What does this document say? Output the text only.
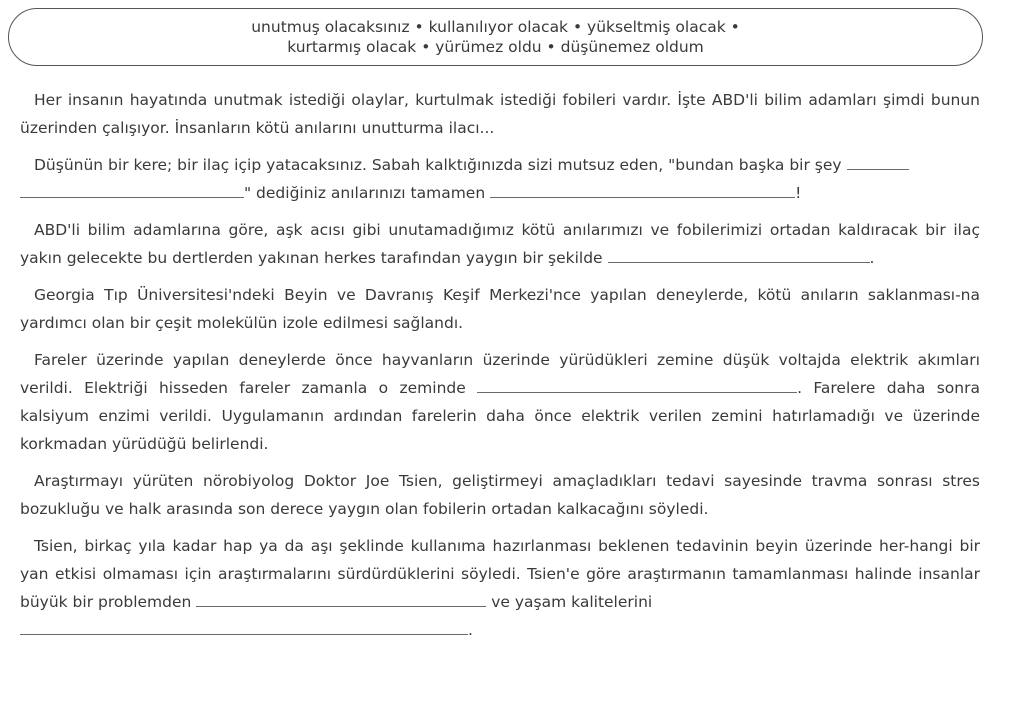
unutmuş olacaksınız • kullanılıyor olacak • yükseltmiş olacak •
kurtarmış olacak • yürümez oldu • düşünemez oldum

Her insanın hayatında unutmak istediği olaylar, kurtulmak istediği fobileri vardır. İşte ABD'li bilim adamları şimdi bunun üzerinden çalışıyor. İnsanların kötü anılarını unutturma ilacı...

Düşünün bir kere; bir ilaç içip yatacaksınız. Sabah kalktığınızda sizi mutsuz eden, "bundan başka bir şey
" dediğiniz anılarınızı tamamen	!

ABD'li bilim adamlarına göre, aşk acısı gibi unutamadığımız kötü anılarımızı ve fobilerimizi ortadan kaldıracak bir ilaç yakın gelecekte bu dertlerden yakınan herkes tarafından yaygın bir şekilde	.

Georgia Tıp Üniversitesi'ndeki Beyin ve Davranış Keşif Merkezi'nce yapılan deneylerde, kötü anıların saklanması-na yardımcı olan bir çeşit molekülün izole edilmesi sağlandı.

Fareler üzerinde yapılan deneylerde önce hayvanların üzerinde yürüdükleri zemine düşük voltajda elektrik akımları verildi. Elektriği hisseden fareler zamanla o zeminde	. Farelere daha sonra kalsiyum enzimi verildi. Uygulamanın ardından farelerin daha önce elektrik verilen zemini hatırlamadığı ve üzerinde korkmadan yürüdüğü belirlendi.

Araştırmayı yürüten nörobiyolog Doktor Joe Tsien, geliştirmeyi amaçladıkları tedavi sayesinde travma sonrası stres bozukluğu ve halk arasında son derece yaygın olan fobilerin ortadan kalkacağını söyledi.

Tsien, birkaç yıla kadar hap ya da aşı şeklinde kullanıma hazırlanması beklenen tedavinin beyin üzerinde her-hangi bir yan etkisi olmaması için araştırmalarını sürdürdüklerini söyledi. Tsien'e göre araştırmanın tamamlanması halinde insanlar büyük bir problemden	ve yaşam kalitelerini
.
